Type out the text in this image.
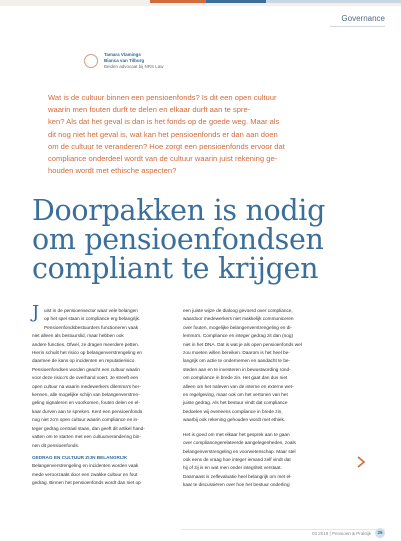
Governance
Tamara Vlamings
Bianca van Tilburg
Beiden advocaat bij NRS Law
Wat is de cultuur binnen een pensioenfonds? Is dit een open cultuur
waarin men fouten durft te delen en elkaar durft aan te spre-
ken? Als dat het geval is dan is het fonds op de goede weg. Maar als
dit nog niet het geval is, wat kan het pensioenfonds er dan aan doen
om de cultuur te veranderen? Hoe zorgt een pensioenfonds ervoor dat
compliance onderdeel wordt van de cultuur waarin juist rekening ge-
houden wordt met ethische aspecten?
Doorpakken is nodig
om pensioenfondsen
compliant te krijgen
J	uist in de pensioensector waar vele belangen
op het spel staan is compliance erg belangrijk.
Pensioenfondsbestuurders functioneren vaak
niet alleen als bestuurslid, maar hebben ook
andere functies. Ofwel, ze dragen meerdere petten.
Hierin schuilt het risico op belangenverstrengeling en
daarmee de kans op incidenten en reputatierisico.
Pensioenfondsen worden geacht een cultuur waarin
voor deze risico's de overhand voert. Je streeft een
open cultuur na waarin medewerkers dilemma's her-
kennen, alle mogelijke schijn van belangenverstren-
geling signaleren en voorkomen, fouten delen en el-
kaar durven aan te spreken. Kent een pensioenfonds
nog niet zo'n open cultuur waarin compliance en in-
teger gedrag centraal staan, dan geeft dit artikel hand-
vatten om te starten met een cultuurverandering bin-
nen dit pensioenfonds.
GEDRAG EN CULTUUR ZIJN BELANGRIJK
Belangenverstrengeling en incidenten worden vaak
mede veroorzaakt door een zwakke cultuur en fout
gedrag. Binnen het pensioenfonds wordt dan niet op
een juiste wijze de dialoog gevoerd over compliance,
waardoor medewerkers niet makkelijk communiceren
over fouten, mogelijke belangenverstrengeling en di-
lemma's. Compliance en integer gedrag zit dan (nog)
niet in het DNA. Dat is wat je als open pensioenfonds wel
zou moeten willen bereiken. Daarom is het heel be-
langrijk om actie te ondernemen en aandacht te be-
steden aan en te investeren in bewustwording rond-
om compliance in brede zin. Het gaat dan dus niet
alleen om het naleven van de interne en externe wet-
en regelgeving, maar ook om het vertonen van het
juiste gedrag. Als het bestuur vindt dat compliance
bedoelen wij eveneens compliance in brede zin,
waarbij ook rekening gehouden wordt met ethiek.
Het is goed om met elkaar het gesprek aan te gaan
over compliancegerelateerde aangelegenheden, zoals
belangenverstrengeling en voorwetenschap. Maar stel
ook eens de vraag hoe integer iemand zelf vindt dat
hij of zij is en wat men onder integriteit verstaat.
Daarnaast is zelfevaluatie heel belangrijk om met el-
kaar te discussiëren over hoe het bestuur onderling
03 2019 | Pensioen & Praktijk	25
